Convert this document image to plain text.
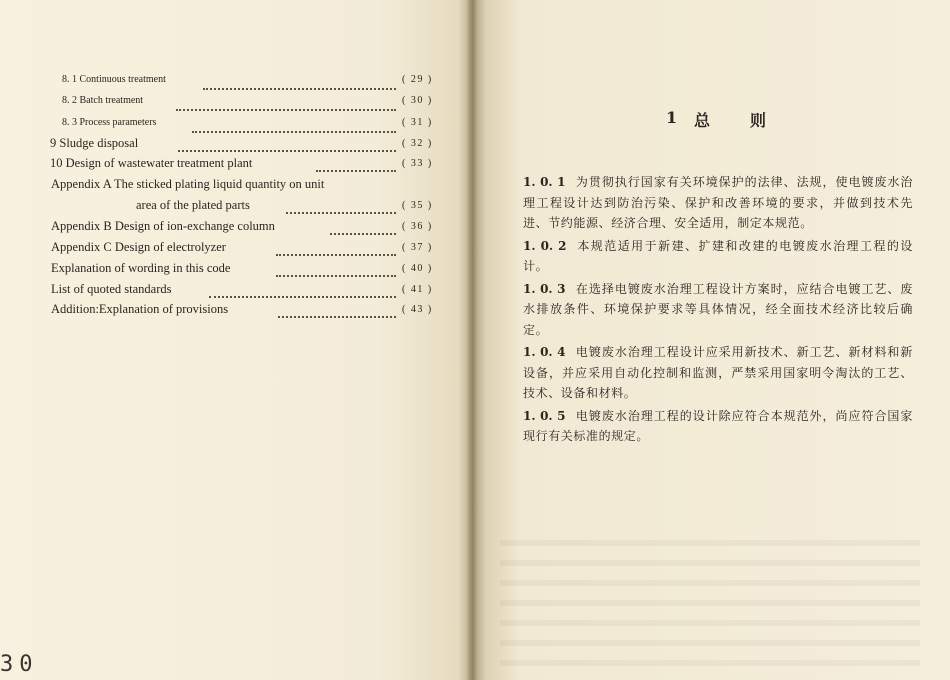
8. 1 Continuous treatment	( 29 )
8. 2 Batch treatment	( 30 )
8. 3 Process parameters	( 31 )
9 Sludge disposal	( 32 )
10 Design of wastewater treatment plant	( 33 )
Appendix A The sticked plating liquid quantity on unit
area of the plated parts	( 35 )
Appendix B Design of ion-exchange column	( 36 )
Appendix C Design of electrolyzer	( 37 )
Explanation of wording in this code	( 40 )
List of quoted standards	( 41 )
Addition:Explanation of provisions	( 43 )
30
1 总 则

1. 0. 1 为贯彻执行国家有关环境保护的法律、法规，使电镀废水治理工程设计达到防治污染、保护和改善环境的要求，并做到技术先进、节约能源、经济合理、安全适用，制定本规范。

1. 0. 2 本规范适用于新建、扩建和改建的电镀废水治理工程的设计。

1. 0. 3 在选择电镀废水治理工程设计方案时，应结合电镀工艺、废水排放条件、环境保护要求等具体情况，经全面技术经济比较后确定。

1. 0. 4 电镀废水治理工程设计应采用新技术、新工艺、新材料和新设备，并应采用自动化控制和监测，严禁采用国家明令淘汰的工艺、技术、设备和材料。

1. 0. 5 电镀废水治理工程的设计除应符合本规范外，尚应符合国家现行有关标准的规定。
